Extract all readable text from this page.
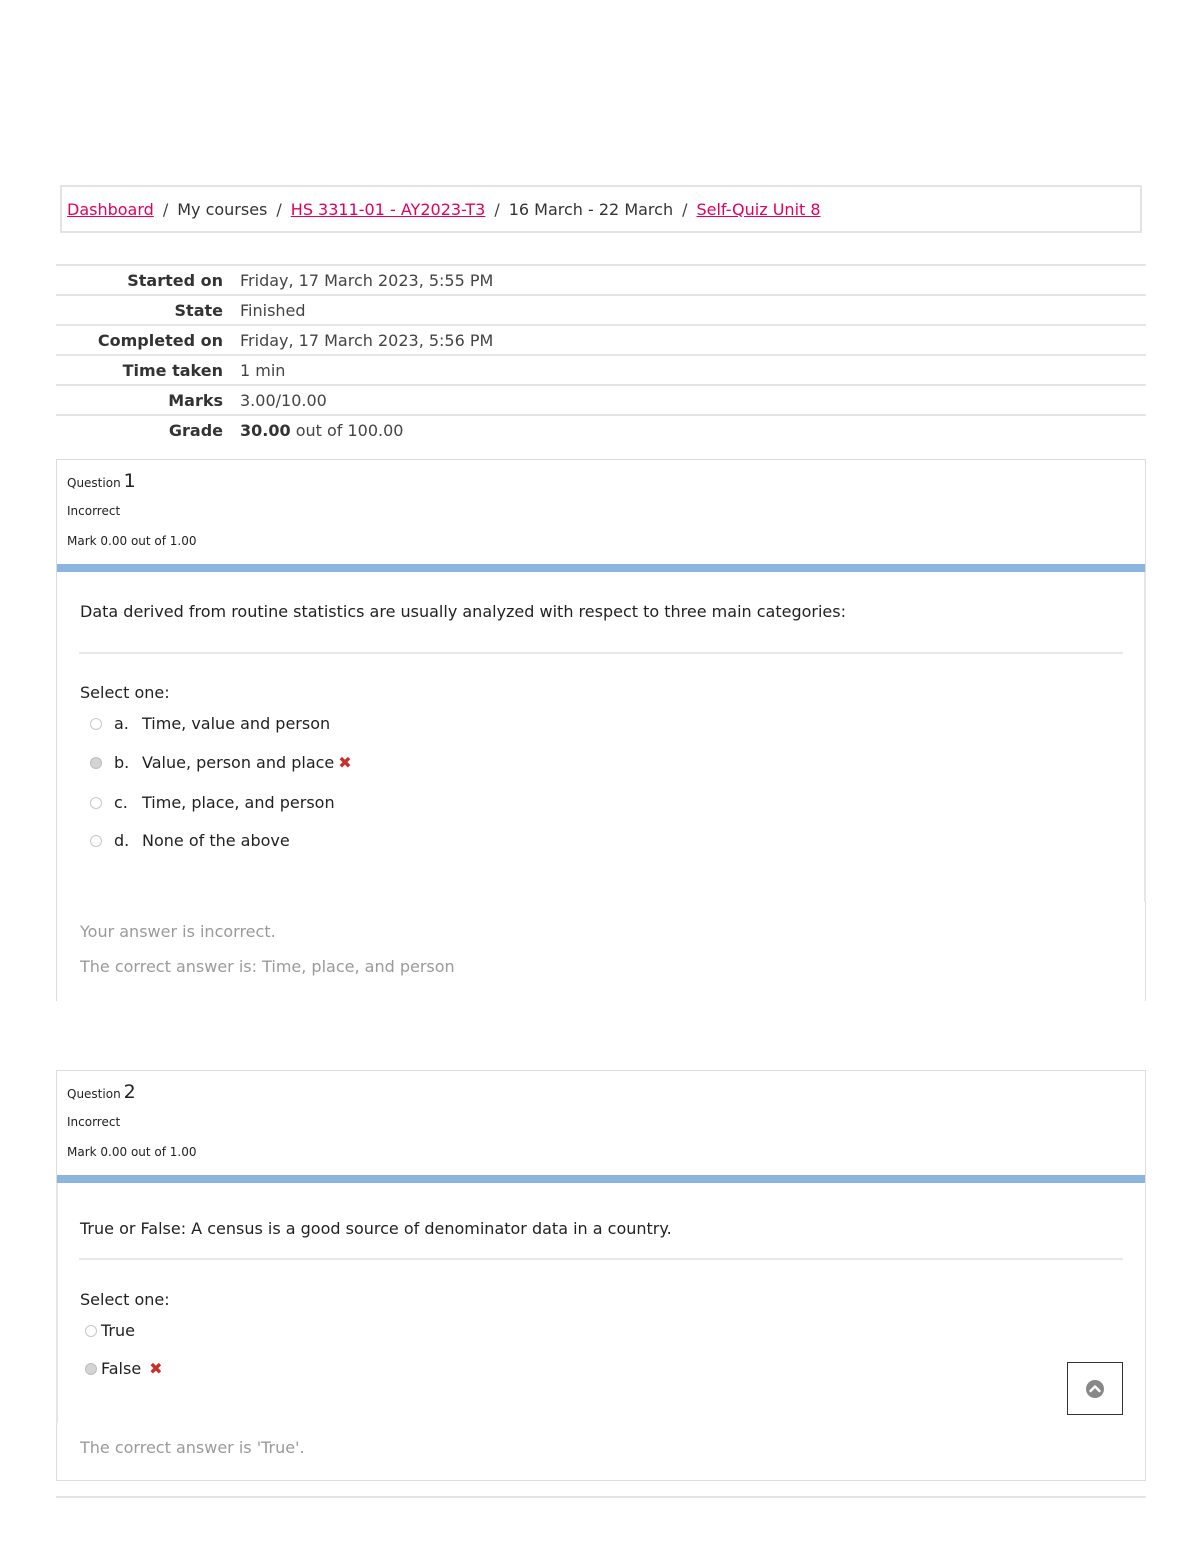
Dashboard / My courses / HS 3311-01 - AY2023-T3 / 16 March - 22 March / Self-Quiz Unit 8
Started on	Friday, 17 March 2023, 5:55 PM
State	Finished
Completed on	Friday, 17 March 2023, 5:56 PM
Time taken	1 min
Marks	3.00/10.00
Grade	30.00 out of 100.00
Question 1
Incorrect
Mark 0.00 out of 1.00
Data derived from routine statistics are usually analyzed with respect to three main categories:
Select one:
a. Time, value and person
b. Value, person and place ✖
c. Time, place, and person
d. None of the above
Your answer is incorrect.
The correct answer is: Time, place, and person
Question 2
Incorrect
Mark 0.00 out of 1.00
True or False: A census is a good source of denominator data in a country.
Select one:
True
False ✖
The correct answer is 'True'.
